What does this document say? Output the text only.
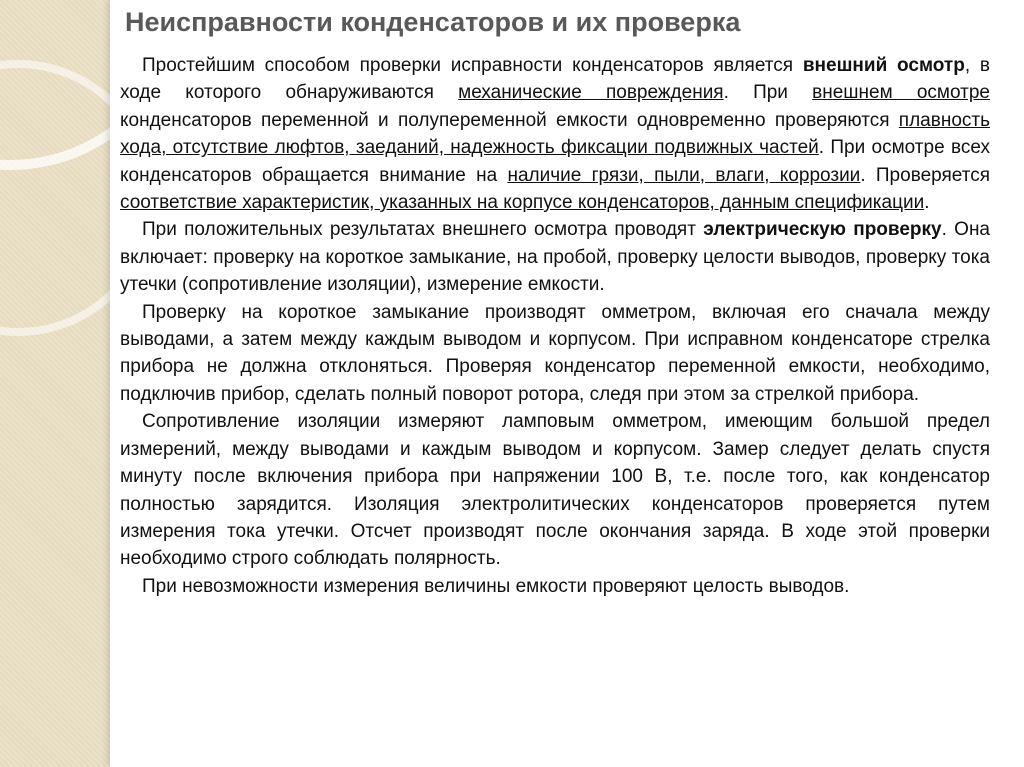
Неисправности конденсаторов и их проверка

Простейшим способом проверки исправности конденсаторов является внешний осмотр, в ходе которого обнаруживаются механические повреждения. При внешнем осмотре конденсаторов переменной и полупеременной емкости одновременно проверяются плавность хода, отсутствие люфтов, заеданий, надежность фиксации подвижных частей. При осмотре всех конденсаторов обращается внимание на наличие грязи, пыли, влаги, коррозии. Проверяется соответствие характеристик, указанных на корпусе конденсаторов, данным спецификации.

При положительных результатах внешнего осмотра проводят электрическую проверку. Она включает: проверку на короткое замыкание, на пробой, проверку целости выводов, проверку тока утечки (сопротивление изоляции), измерение емкости.

Проверку на короткое замыкание производят омметром, включая его сначала между выводами, а затем между каждым выводом и корпусом. При исправном конденсаторе стрелка прибора не должна отклоняться. Проверяя конденсатор переменной емкости, необходимо, подключив прибор, сделать полный поворот ротора, следя при этом за стрелкой прибора.

Сопротивление изоляции измеряют ламповым омметром, имеющим большой предел измерений, между выводами и каждым выводом и корпусом. Замер следует делать спустя минуту после включения прибора при напряжении 100 В, т.е. после того, как конденсатор полностью зарядится. Изоляция электролитических конденсаторов проверяется путем измерения тока утечки. Отсчет производят после окончания заряда. В ходе этой проверки необходимо строго соблюдать полярность.

При невозможности измерения величины емкости проверяют целость выводов.
